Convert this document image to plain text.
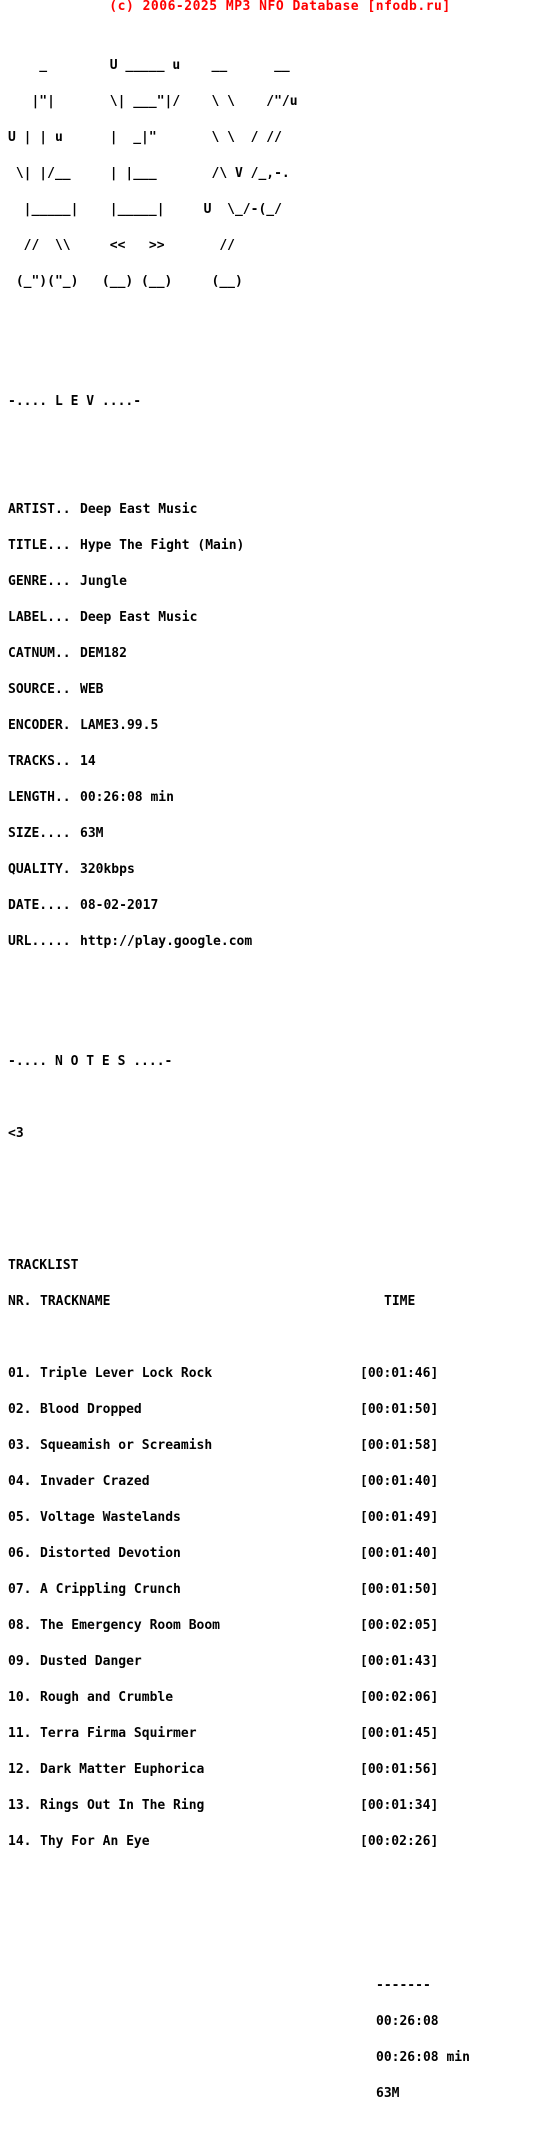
(c) 2006-2025 MP3 NFO Database [nfodb.ru]

_        U _____ u    __      __

|"|       \| ___"|/    \ \    /"/u

U | | u      |  _|"       \ \  / //

\| |/__     | |___       /\ V /_,-.

|_____|    |_____|     U  \_/-(_/

//  \\     <<   >>       //

(_")("_)   (__) (__)     (__)

-.... L E V ....-

ARTIST.. Deep East Music

TITLE... Hype The Fight (Main)

GENRE... Jungle

LABEL... Deep East Music

CATNUM.. DEM182

SOURCE.. WEB

ENCODER. LAME3.99.5

TRACKS.. 14

LENGTH.. 00:26:08 min

SIZE.... 63M

QUALITY. 320kbps

DATE.... 08-02-2017

URL..... http://play.google.com

-.... N O T E S ....-

<3

TRACKLIST

NR. TRACKNAME	TIME

01. Triple Lever Lock Rock	[00:01:46]

02. Blood Dropped	[00:01:50]

03. Squeamish or Screamish	[00:01:58]

04. Invader Crazed	[00:01:40]

05. Voltage Wastelands	[00:01:49]

06. Distorted Devotion	[00:01:40]

07. A Crippling Crunch	[00:01:50]

08. The Emergency Room Boom	[00:02:05]

09. Dusted Danger	[00:01:43]

10. Rough and Crumble	[00:02:06]

11. Terra Firma Squirmer	[00:01:45]

12. Dark Matter Euphorica	[00:01:56]

13. Rings Out In The Ring	[00:01:34]

14. Thy For An Eye	[00:02:26]

-------

00:26:08

00:26:08 min

63M
